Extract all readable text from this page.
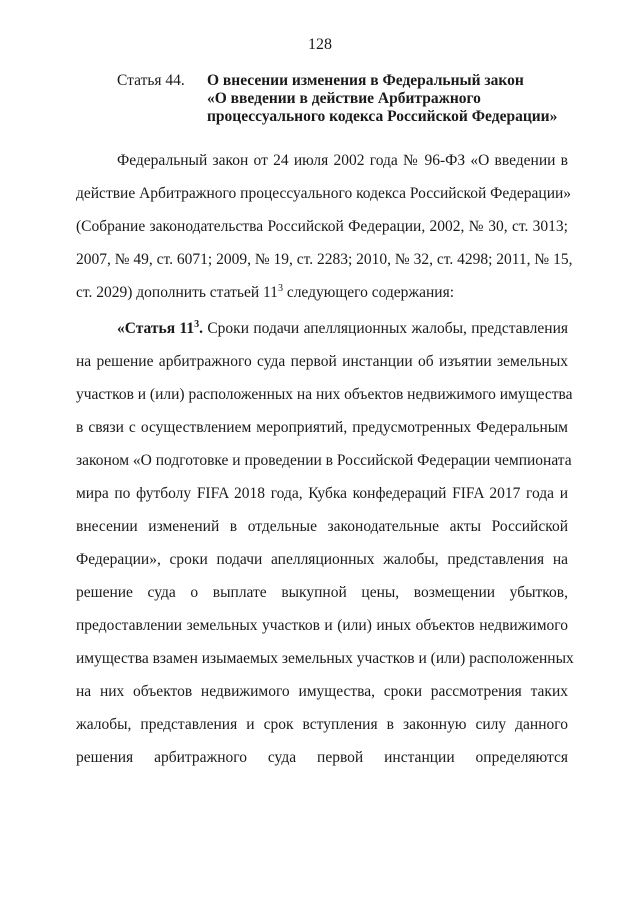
128
Статья 44. О внесении изменения в Федеральный закон
«О введении в действие Арбитражного
процессуального кодекса Российской Федерации»
Федеральный закон от 24 июля 2002 года № 96-ФЗ «О введении в
действие Арбитражного процессуального кодекса Российской Федерации»
(Собрание законодательства Российской Федерации, 2002, № 30, ст. 3013;
2007, № 49, ст. 6071; 2009, № 19, ст. 2283; 2010, № 32, ст. 4298; 2011, № 15,
ст. 2029) дополнить статьей $11^3$ следующего содержания:
«Статья $11^3$. Сроки подачи апелляционных жалобы, представления
на решение арбитражного суда первой инстанции об изъятии земельных
участков и (или) расположенных на них объектов недвижимого имущества
в связи с осуществлением мероприятий, предусмотренных Федеральным
законом «О подготовке и проведении в Российской Федерации чемпионата
мира по футболу FIFA 2018 года, Кубка конфедераций FIFA 2017 года и
внесении изменений в отдельные законодательные акты Российской
Федерации», сроки подачи апелляционных жалобы, представления на
решение суда о выплате выкупной цены, возмещении убытков,
предоставлении земельных участков и (или) иных объектов недвижимого
имущества взамен изымаемых земельных участков и (или) расположенных
на них объектов недвижимого имущества, сроки рассмотрения таких
жалобы, представления и срок вступления в законную силу данного
решения арбитражного суда первой инстанции определяются
